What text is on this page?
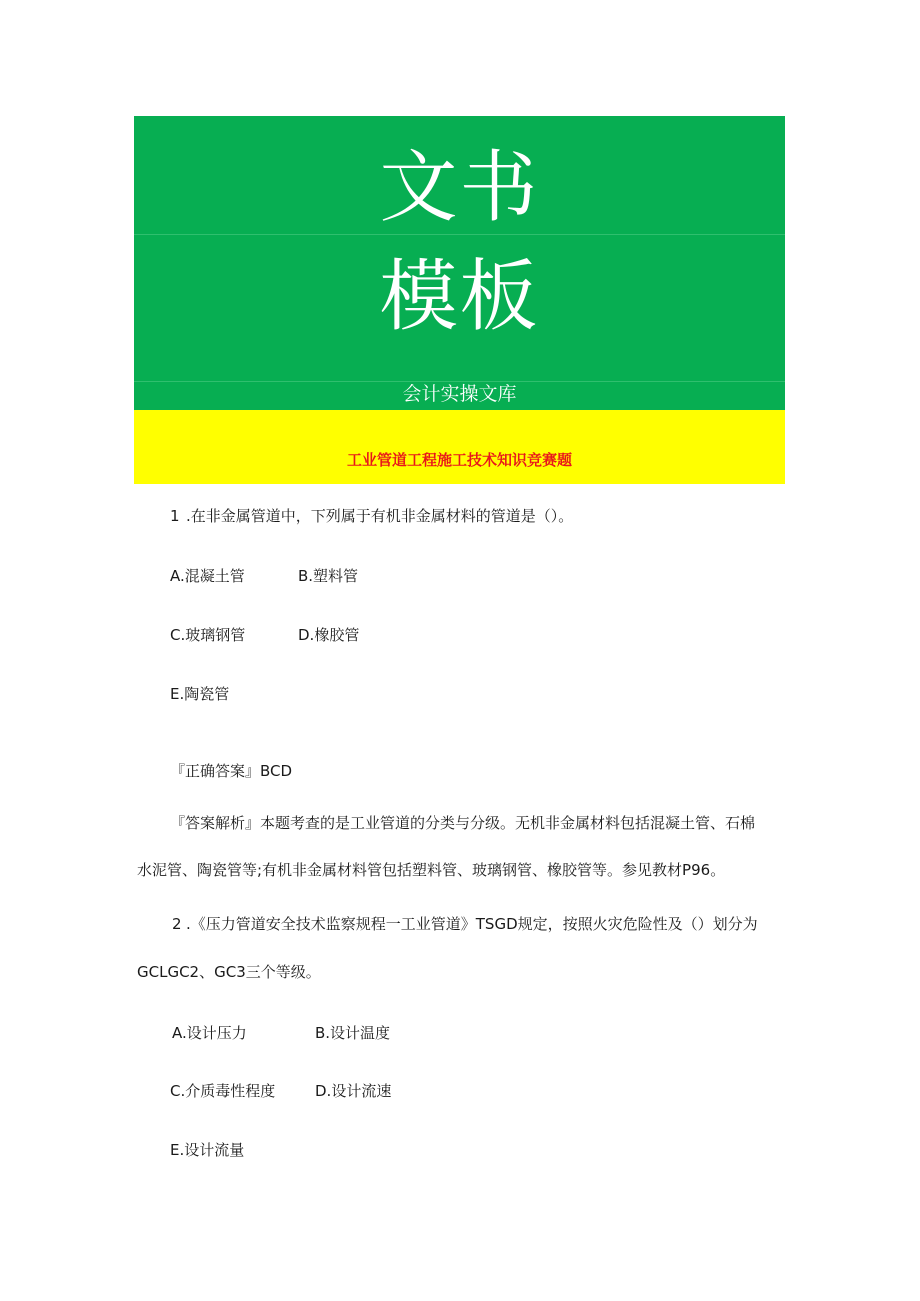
文书
模板
会计实操文库
工业管道工程施工技术知识竞赛题
1 .在非金属管道中，下列属于有机非金属材料的管道是（）。
A.混凝土管	B.塑料管
C.玻璃钢管	D.橡胶管
E.陶瓷管
『正确答案』BCD
『答案解析』本题考查的是工业管道的分类与分级。无机非金属材料包括混凝土管、石棉
水泥管、陶瓷管等;有机非金属材料管包括塑料管、玻璃钢管、橡胶管等。参见教材P96。
2 .《压力管道安全技术监察规程一工业管道》TSGD规定，按照火灾危险性及（）划分为
GCLGC2、GC3三个等级。
A.设计压力	B.设计温度
C.介质毒性程度	D.设计流速
E.设计流量
